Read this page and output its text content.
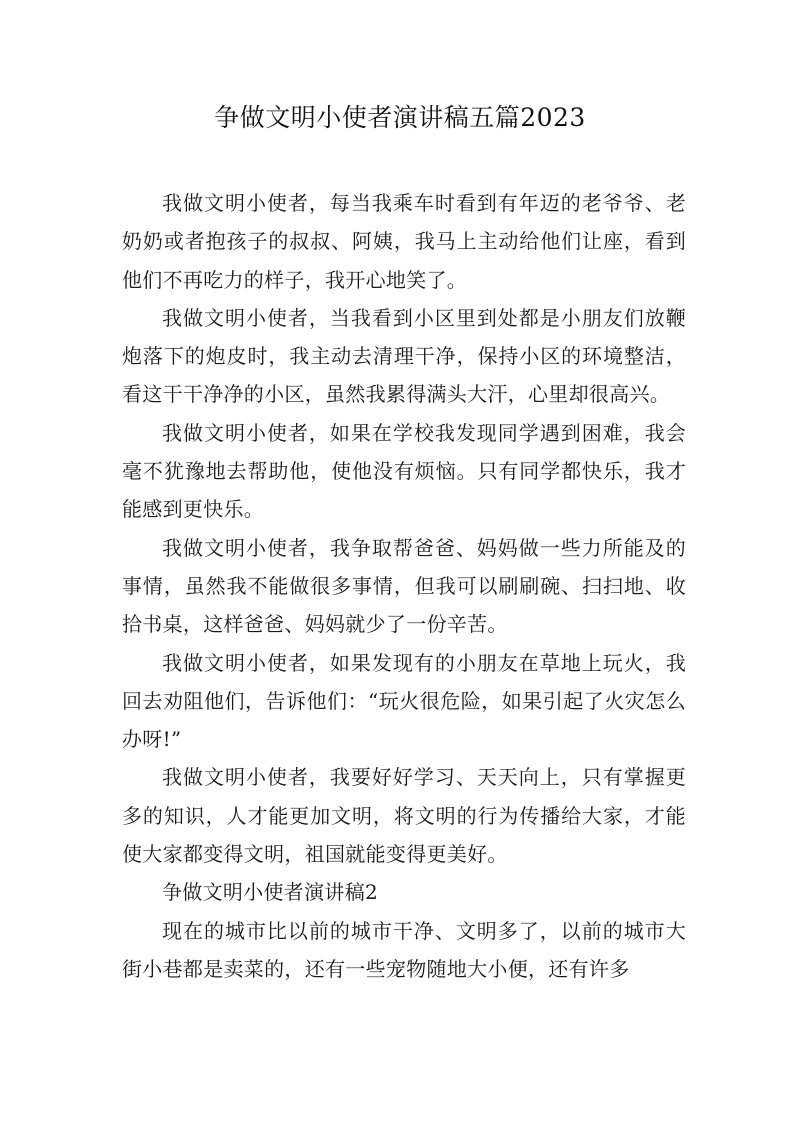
争做文明小使者演讲稿五篇2023

我做文明小使者，每当我乘车时看到有年迈的老爷爷、老奶奶或者抱孩子的叔叔、阿姨，我马上主动给他们让座，看到他们不再吃力的样子，我开心地笑了。

我做文明小使者，当我看到小区里到处都是小朋友们放鞭炮落下的炮皮时，我主动去清理干净，保持小区的环境整洁，看这干干净净的小区，虽然我累得满头大汗，心里却很高兴。

我做文明小使者，如果在学校我发现同学遇到困难，我会毫不犹豫地去帮助他，使他没有烦恼。只有同学都快乐，我才能感到更快乐。

我做文明小使者，我争取帮爸爸、妈妈做一些力所能及的事情，虽然我不能做很多事情，但我可以刷刷碗、扫扫地、收拾书桌，这样爸爸、妈妈就少了一份辛苦。

我做文明小使者，如果发现有的小朋友在草地上玩火，我回去劝阻他们，告诉他们：“玩火很危险，如果引起了火灾怎么办呀!”

我做文明小使者，我要好好学习、天天向上，只有掌握更多的知识，人才能更加文明，将文明的行为传播给大家，才能使大家都变得文明，祖国就能变得更美好。

争做文明小使者演讲稿2

现在的城市比以前的城市干净、文明多了，以前的城市大街小巷都是卖菜的，还有一些宠物随地大小便，还有许多
